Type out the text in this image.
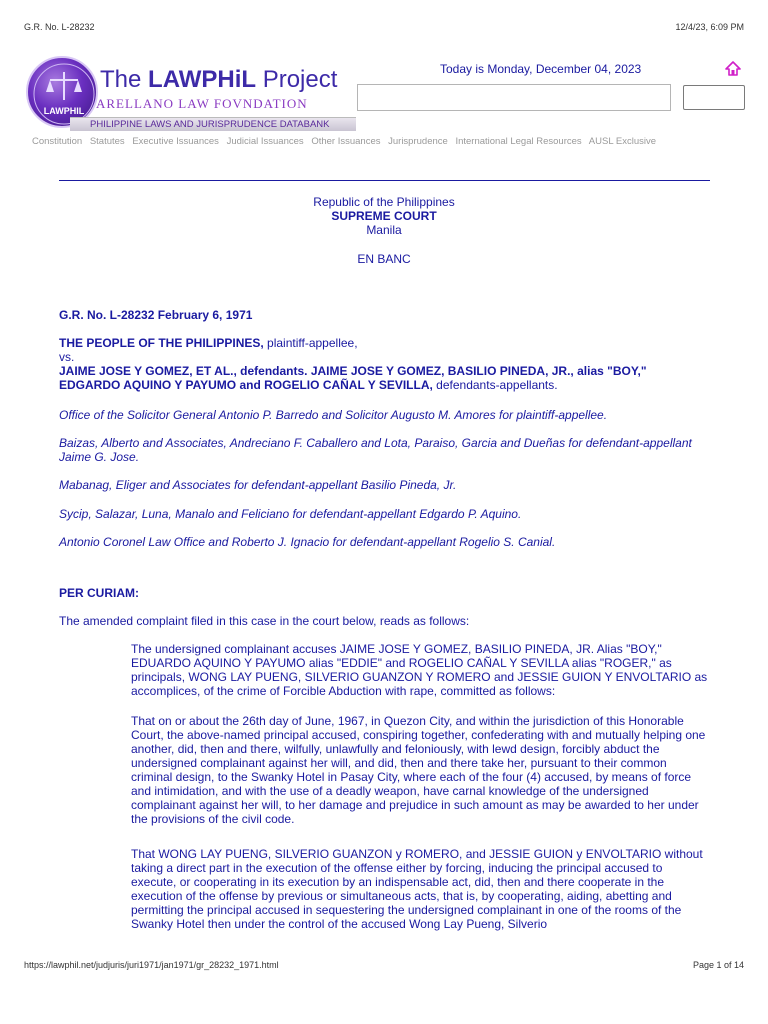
G.R. No. L-28232	12/4/23, 6:09 PM
LAWPHIL
The LAWPHiL Project
ARELLANO LAW FOVNDATION
PHILIPPINE LAWS AND JURISPRUDENCE DATABANK
Today is Monday, December 04, 2023
Constitution Statutes Executive Issuances Judicial Issuances Other Issuances Jurisprudence International Legal Resources AUSL Exclusive
Republic of the Philippines
SUPREME COURT
Manila
EN BANC
G.R. No. L-28232 February 6, 1971
THE PEOPLE OF THE PHILIPPINES, plaintiff-appellee,
vs.
JAIME JOSE Y GOMEZ, ET AL., defendants. JAIME JOSE Y GOMEZ, BASILIO PINEDA, JR., alias "BOY,"
EDGARDO AQUINO Y PAYUMO and ROGELIO CAÑAL Y SEVILLA, defendants-appellants.
Office of the Solicitor General Antonio P. Barredo and Solicitor Augusto M. Amores for plaintiff-appellee.
Baizas, Alberto and Associates, Andreciano F. Caballero and Lota, Paraiso, Garcia and Dueñas for defendant-appellant Jaime G. Jose.
Mabanag, Eliger and Associates for defendant-appellant Basilio Pineda, Jr.
Sycip, Salazar, Luna, Manalo and Feliciano for defendant-appellant Edgardo P. Aquino.
Antonio Coronel Law Office and Roberto J. Ignacio for defendant-appellant Rogelio S. Canial.
PER CURIAM:
The amended complaint filed in this case in the court below, reads as follows:
The undersigned complainant accuses JAIME JOSE Y GOMEZ, BASILIO PINEDA, JR. Alias "BOY," EDUARDO AQUINO Y PAYUMO alias "EDDIE" and ROGELIO CAÑAL Y SEVILLA alias "ROGER," as principals, WONG LAY PUENG, SILVERIO GUANZON Y ROMERO and JESSIE GUION Y ENVOLTARIO as accomplices, of the crime of Forcible Abduction with rape, committed as follows:
That on or about the 26th day of June, 1967, in Quezon City, and within the jurisdiction of this Honorable Court, the above-named principal accused, conspiring together, confederating with and mutually helping one another, did, then and there, wilfully, unlawfully and feloniously, with lewd design, forcibly abduct the undersigned complainant against her will, and did, then and there take her, pursuant to their common criminal design, to the Swanky Hotel in Pasay City, where each of the four (4) accused, by means of force and intimidation, and with the use of a deadly weapon, have carnal knowledge of the undersigned complainant against her will, to her damage and prejudice in such amount as may be awarded to her under the provisions of the civil code.
That WONG LAY PUENG, SILVERIO GUANZON y ROMERO, and JESSIE GUION y ENVOLTARIO without taking a direct part in the execution of the offense either by forcing, inducing the principal accused to execute, or cooperating in its execution by an indispensable act, did, then and there cooperate in the execution of the offense by previous or simultaneous acts, that is, by cooperating, aiding, abetting and permitting the principal accused in sequestering the undersigned complainant in one of the rooms of the Swanky Hotel then under the control of the accused Wong Lay Pueng, Silverio
https://lawphil.net/judjuris/juri1971/jan1971/gr_28232_1971.html	Page 1 of 14
